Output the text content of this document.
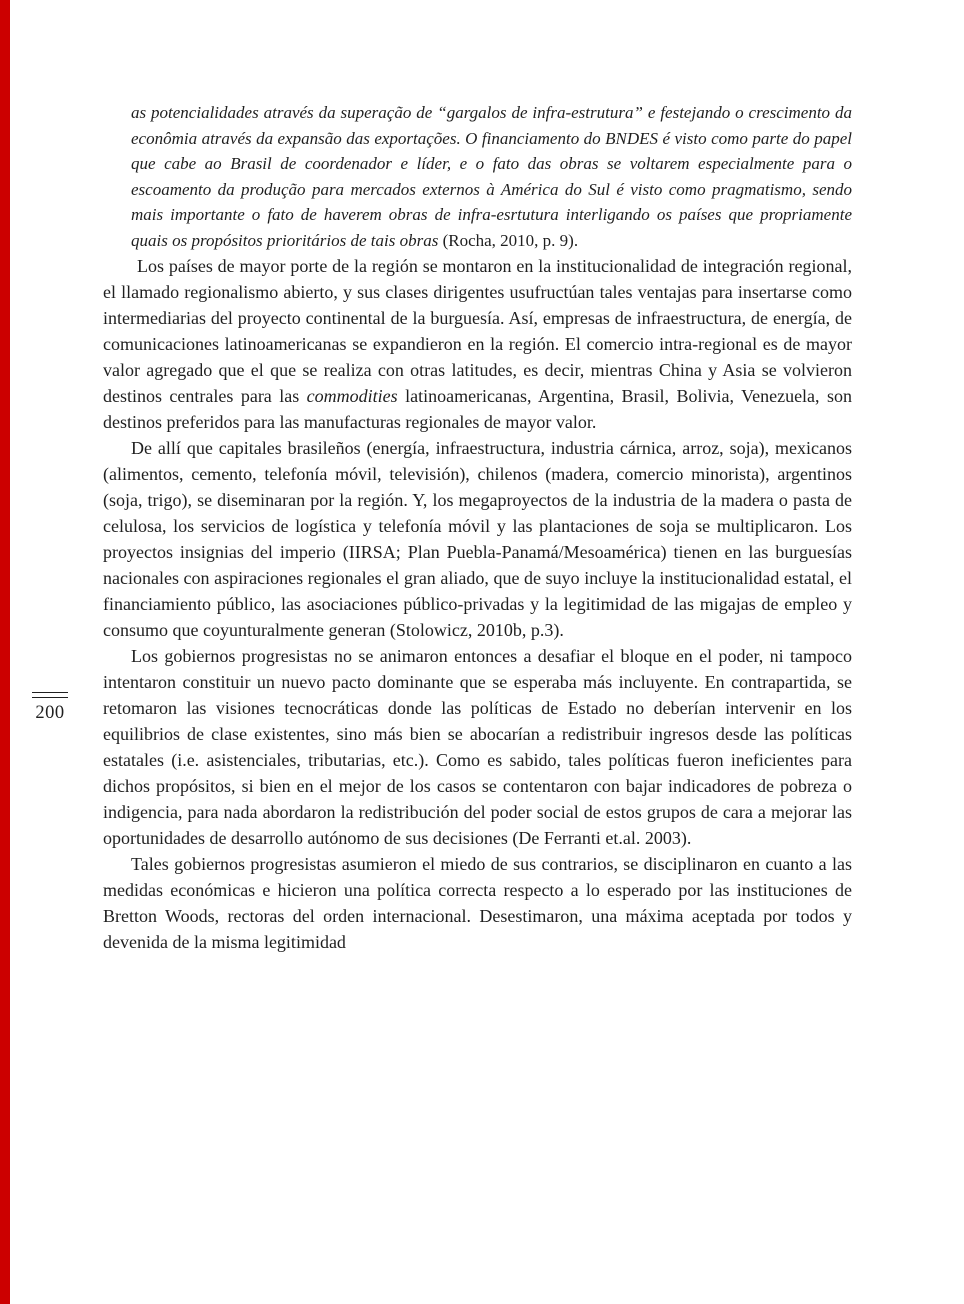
200

as potencialidades através da superação de “gargalos de infra-estrutura” e festejando o crescimento da econômia através da expansão das exportações. O financiamento do BNDES é visto como parte do papel que cabe ao Brasil de coordenador e líder, e o fato das obras se voltarem especialmente para o escoamento da produção para mercados externos à América do Sul é visto como pragmatismo, sendo mais importante o fato de haverem obras de infra-esrtutura interligando os países que propriamente quais os propósitos prioritários de tais obras (Rocha, 2010, p. 9).

Los países de mayor porte de la región se montaron en la institucionalidad de integración regional, el llamado regionalismo abierto, y sus clases dirigentes usufructúan tales ventajas para insertarse como intermediarias del proyecto continental de la burguesía. Así, empresas de infraestructura, de energía, de comunicaciones latinoamericanas se expandieron en la región. El comercio intra-regional es de mayor valor agregado que el que se realiza con otras latitudes, es decir, mientras China y Asia se volvieron destinos centrales para las commodities latinoamericanas, Argentina, Brasil, Bolivia, Venezuela, son destinos preferidos para las manufacturas regionales de mayor valor.

De allí que capitales brasileños (energía, infraestructura, industria cárnica, arroz, soja), mexicanos (alimentos, cemento, telefonía móvil, televisión), chilenos (madera, comercio minorista), argentinos (soja, trigo), se diseminaran por la región. Y, los megaproyectos de la industria de la madera o pasta de celulosa, los servicios de logística y telefonía móvil y las plantaciones de soja se multiplicaron. Los proyectos insignias del imperio (IIRSA; Plan Puebla-Panamá/Mesoamérica) tienen en las burguesías nacionales con aspiraciones regionales el gran aliado, que de suyo incluye la institucionalidad estatal, el financiamiento público, las asociaciones público-privadas y la legitimidad de las migajas de empleo y consumo que coyunturalmente generan (Stolowicz, 2010b, p.3).

Los gobiernos progresistas no se animaron entonces a desafiar el bloque en el poder, ni tampoco intentaron constituir un nuevo pacto dominante que se esperaba más incluyente. En contrapartida, se retomaron las visiones tecnocráticas donde las políticas de Estado no deberían intervenir en los equilibrios de clase existentes, sino más bien se abocarían a redistribuir ingresos desde las políticas estatales (i.e. asistenciales, tributarias, etc.). Como es sabido, tales políticas fueron ineficientes para dichos propósitos, si bien en el mejor de los casos se contentaron con bajar indicadores de pobreza o indigencia, para nada abordaron la redistribución del poder social de estos grupos de cara a mejorar las oportunidades de desarrollo autónomo de sus decisiones (De Ferranti et.al. 2003).

Tales gobiernos progresistas asumieron el miedo de sus contrarios, se disciplinaron en cuanto a las medidas económicas e hicieron una política correcta respecto a lo esperado por las instituciones de Bretton Woods, rectoras del orden internacional. Desestimaron, una máxima aceptada por todos y devenida de la misma legitimidad
